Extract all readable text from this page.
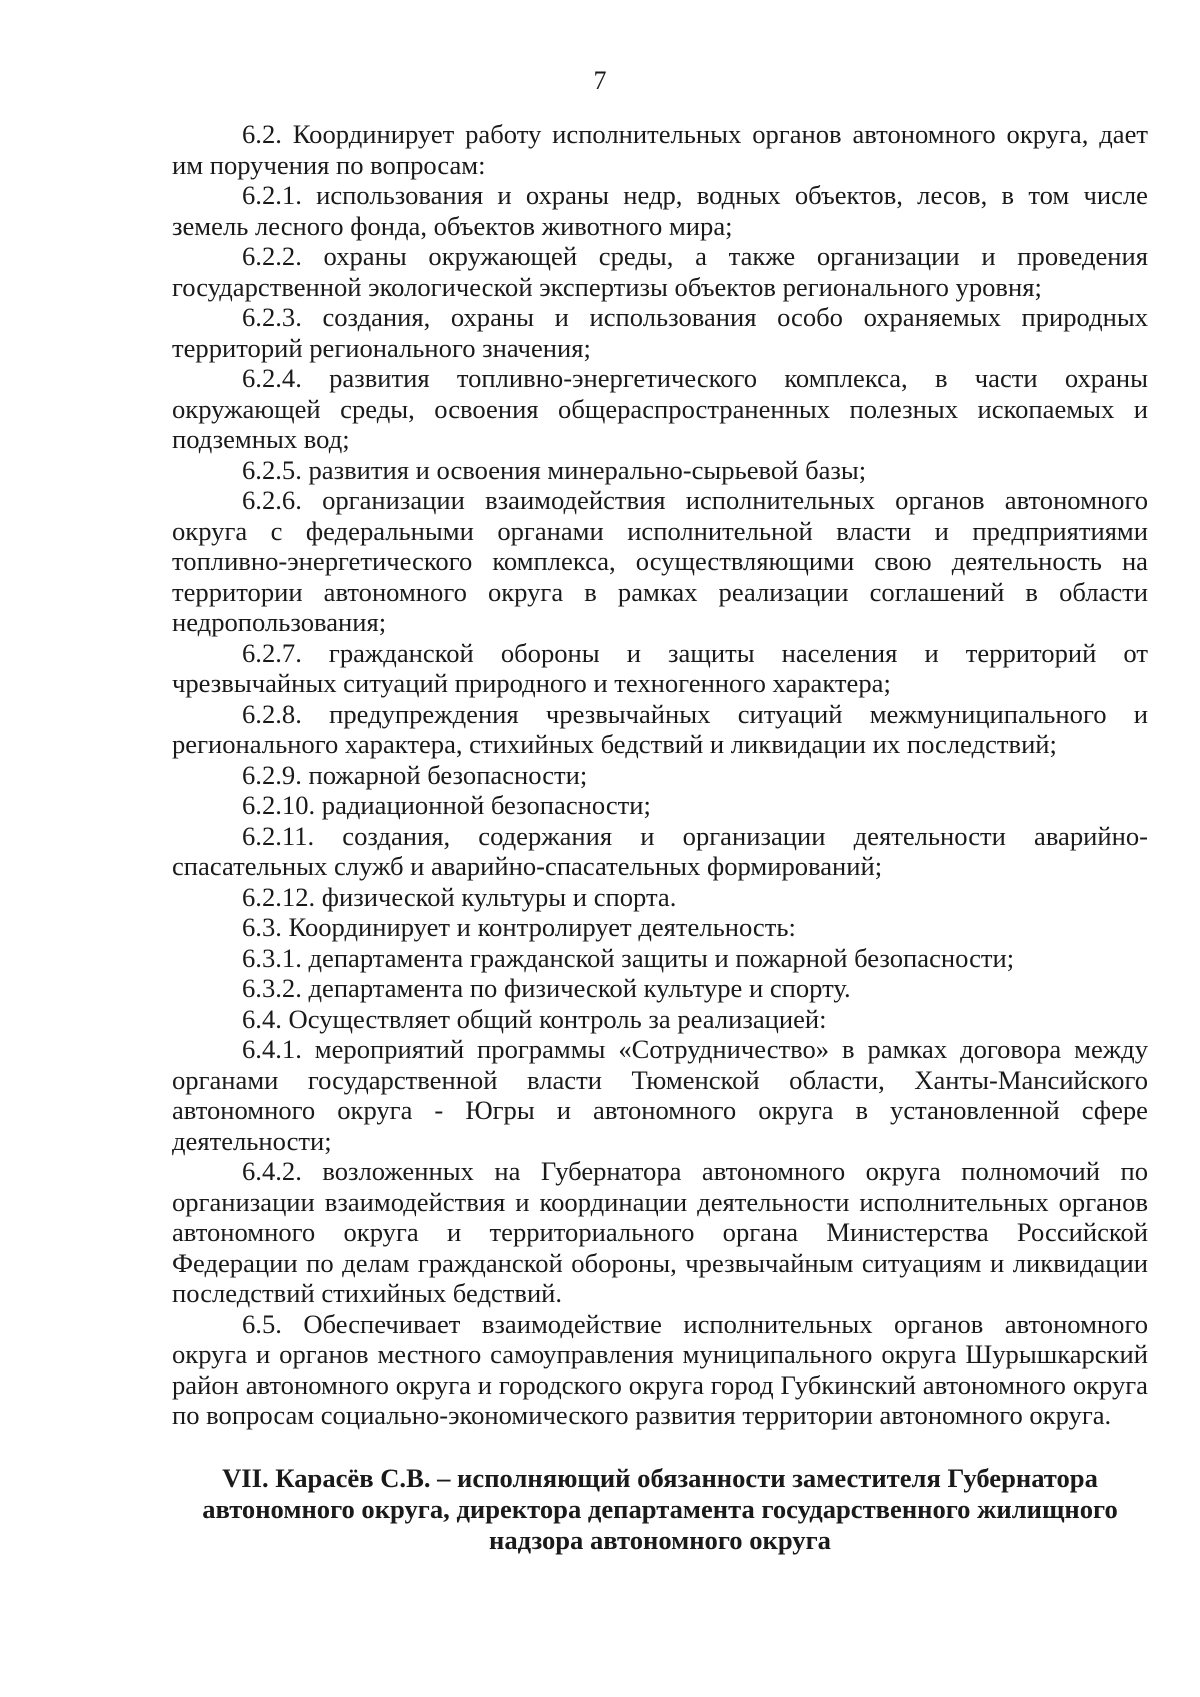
7

6.2. Координирует работу исполнительных органов автономного округа, дает им поручения по вопросам:

6.2.1. использования и охраны недр, водных объектов, лесов, в том числе земель лесного фонда, объектов животного мира;

6.2.2. охраны окружающей среды, а также организации и проведения государственной экологической экспертизы объектов регионального уровня;

6.2.3. создания, охраны и использования особо охраняемых природных территорий регионального значения;

6.2.4. развития топливно-энергетического комплекса, в части охраны окружающей среды, освоения общераспространенных полезных ископаемых и подземных вод;

6.2.5. развития и освоения минерально-сырьевой базы;

6.2.6. организации взаимодействия исполнительных органов автономного округа с федеральными органами исполнительной власти и предприятиями топливно-энергетического комплекса, осуществляющими свою деятельность на территории автономного округа в рамках реализации соглашений в области недропользования;

6.2.7. гражданской обороны и защиты населения и территорий от чрезвычайных ситуаций природного и техногенного характера;

6.2.8. предупреждения чрезвычайных ситуаций межмуниципального и регионального характера, стихийных бедствий и ликвидации их последствий;

6.2.9. пожарной безопасности;

6.2.10. радиационной безопасности;

6.2.11. создания, содержания и организации деятельности аварийно-спасательных служб и аварийно-спасательных формирований;

6.2.12. физической культуры и спорта.

6.3. Координирует и контролирует деятельность:

6.3.1. департамента гражданской защиты и пожарной безопасности;

6.3.2. департамента по физической культуре и спорту.

6.4. Осуществляет общий контроль за реализацией:

6.4.1. мероприятий программы «Сотрудничество» в рамках договора между органами государственной власти Тюменской области, Ханты-Мансийского автономного округа - Югры и автономного округа в установленной сфере деятельности;

6.4.2. возложенных на Губернатора автономного округа полномочий по организации взаимодействия и координации деятельности исполнительных органов автономного округа и территориального органа Министерства Российской Федерации по делам гражданской обороны, чрезвычайным ситуациям и ликвидации последствий стихийных бедствий.

6.5. Обеспечивает взаимодействие исполнительных органов автономного округа и органов местного самоуправления муниципального округа Шурышкарский район автономного округа и городского округа город Губкинский автономного округа по вопросам социально-экономического развития территории автономного округа.

VII. Карасёв С.В. – исполняющий обязанности заместителя Губернатора автономного округа, директора департамента государственного жилищного надзора автономного округа
